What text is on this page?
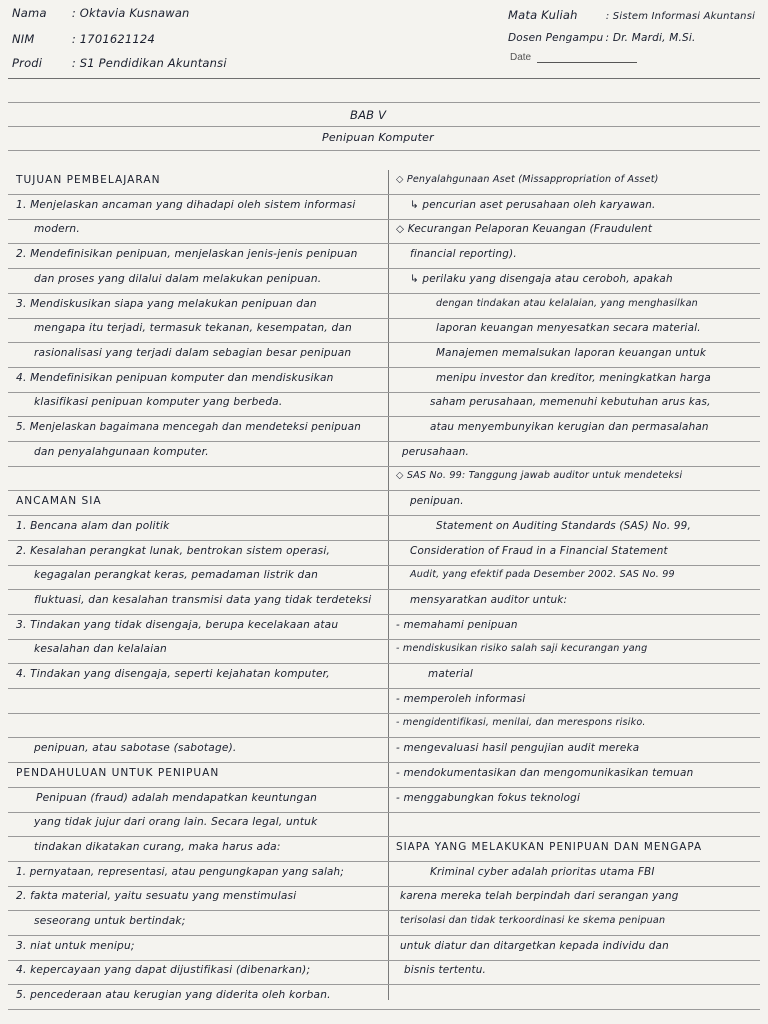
Nama : Oktavia Kusnawan
NIM	: 1701621124
Prodi	: S1 Pendidikan Akuntansi
Mata Kuliah	: Sistem Informasi Akuntansi
Dosen Pengampu : Dr. Mardi, M.Si.
Date
BAB V
Penipuan Komputer
TUJUAN PEMBELAJARAN
1. Menjelaskan ancaman yang dihadapi oleh sistem informasi
modern.
2. Mendefinisikan penipuan, menjelaskan jenis-jenis penipuan
dan proses yang dilalui dalam melakukan penipuan.
3. Mendiskusikan siapa yang melakukan penipuan dan
mengapa itu terjadi, termasuk tekanan, kesempatan, dan
rasionalisasi yang terjadi dalam sebagian besar penipuan
4. Mendefinisikan penipuan komputer dan mendiskusikan
klasifikasi penipuan komputer yang berbeda.
5. Menjelaskan bagaimana mencegah dan mendeteksi penipuan
dan penyalahgunaan komputer.
ANCAMAN SIA
1. Bencana alam dan politik
2. Kesalahan perangkat lunak, bentrokan sistem operasi,
kegagalan perangkat keras, pemadaman listrik dan
fluktuasi, dan kesalahan transmisi data yang tidak terdeteksi
3. Tindakan yang tidak disengaja, berupa kecelakaan atau
kesalahan dan kelalaian
4. Tindakan yang disengaja, seperti kejahatan komputer,
penipuan, atau sabotase (sabotage).
PENDAHULUAN UNTUK PENIPUAN
Penipuan (fraud) adalah mendapatkan keuntungan
yang tidak jujur dari orang lain. Secara legal, untuk
tindakan dikatakan curang, maka harus ada:
1. pernyataan, representasi, atau pengungkapan yang salah;
2. fakta material, yaitu sesuatu yang menstimulasi
seseorang untuk bertindak;
3. niat untuk menipu;
4. kepercayaan yang dapat dijustifikasi (dibenarkan);
5. pencederaan atau kerugian yang diderita oleh korban.
◇ Penyalahgunaan Aset (Missappropriation of Asset)
↳ pencurian aset perusahaan oleh karyawan.
◇ Kecurangan Pelaporan Keuangan (Fraudulent
financial reporting).
↳ perilaku yang disengaja atau ceroboh, apakah
dengan tindakan atau kelalaian, yang menghasilkan
laporan keuangan menyesatkan secara material.
Manajemen memalsukan laporan keuangan untuk
menipu investor dan kreditor, meningkatkan harga
saham perusahaan, memenuhi kebutuhan arus kas,
atau menyembunyikan kerugian dan permasalahan
perusahaan.
◇ SAS No. 99: Tanggung jawab auditor untuk mendeteksi
penipuan.
Statement on Auditing Standards (SAS) No. 99,
Consideration of Fraud in a Financial Statement
Audit, yang efektif pada Desember 2002. SAS No. 99
mensyaratkan auditor untuk:
- memahami penipuan
- mendiskusikan risiko salah saji kecurangan yang
material
- memperoleh informasi
- mengidentifikasi, menilai, dan merespons risiko.
- mengevaluasi hasil pengujian audit mereka
- mendokumentasikan dan mengomunikasikan temuan
- menggabungkan fokus teknologi
SIAPA YANG MELAKUKAN PENIPUAN DAN MENGAPA
Kriminal cyber adalah prioritas utama FBI
karena mereka telah berpindah dari serangan yang
terisolasi dan tidak terkoordinasi ke skema penipuan
untuk diatur dan ditargetkan kepada individu dan
bisnis tertentu.
